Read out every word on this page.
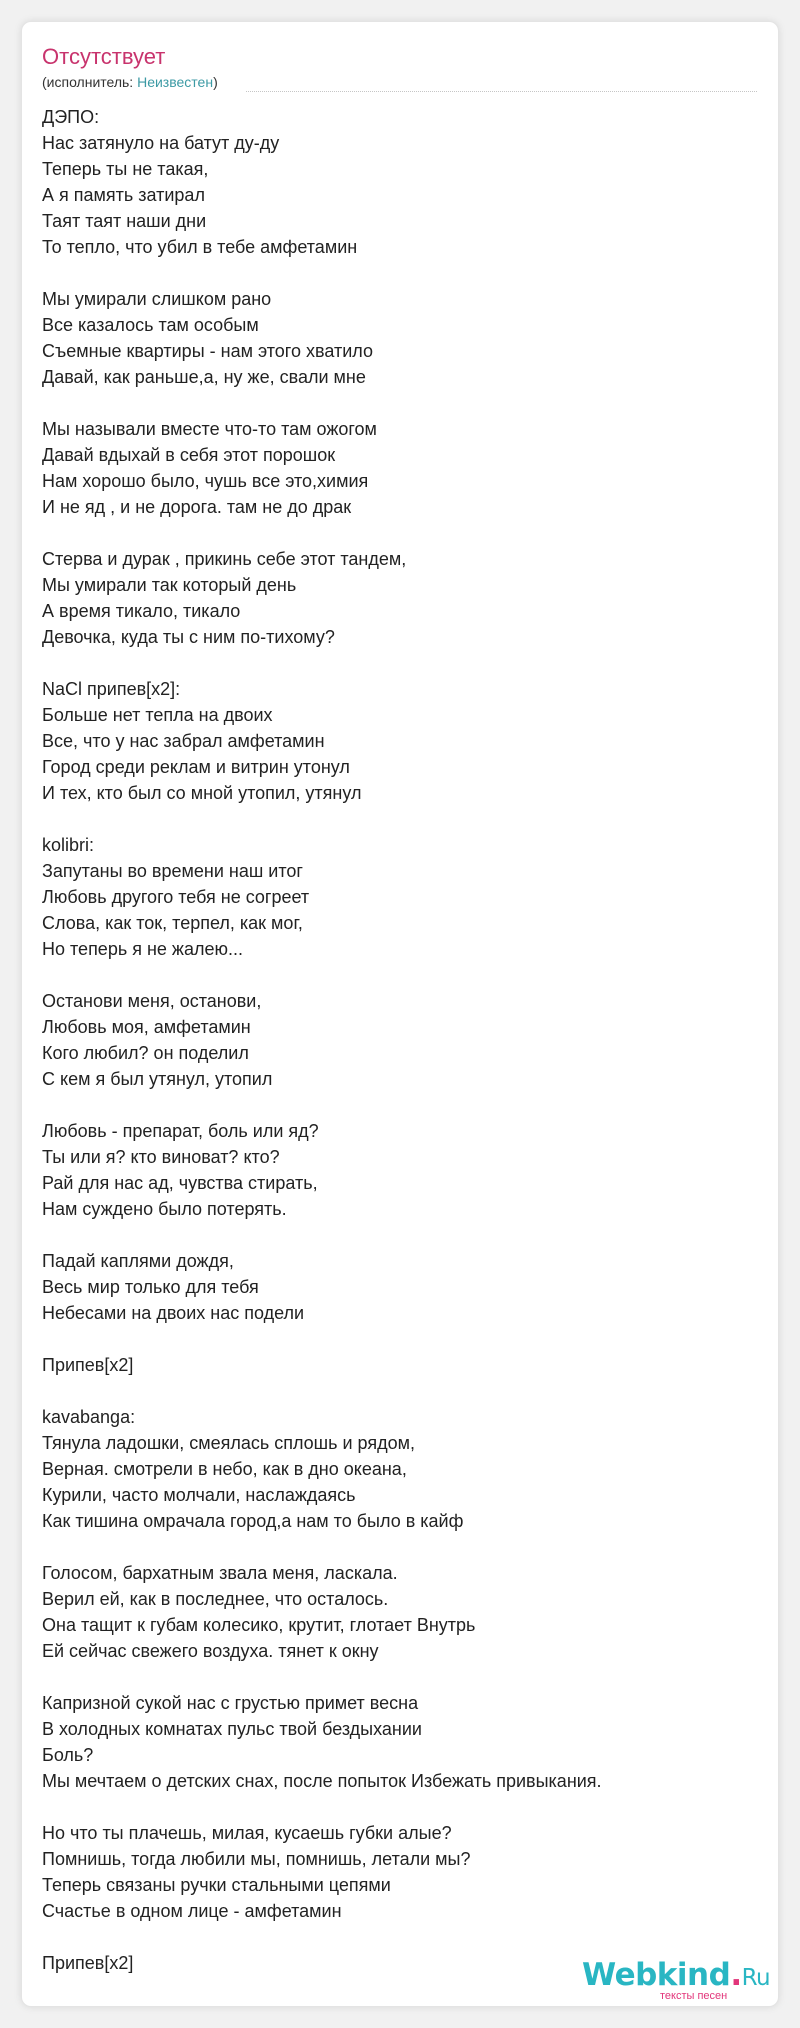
Отсутствует
(исполнитель: Неизвестен)
ДЭПО:
Нас затянуло на батут ду-ду
Теперь ты не такая,
А я память затирал
Таят таят наши дни
То тепло, что убил в тебе амфетамин
Мы умирали слишком рано
Все казалось там особым
Съемные квартиры - нам этого хватило
Давай, как раньше,а, ну же, свали мне
Мы называли вместе что-то там ожогом
Давай вдыхай в себя этот порошок
Нам хорошо было, чушь все это,химия
И не яд , и не дорога. там не до драк
Стерва и дурак , прикинь себе этот тандем,
Мы умирали так который день
А время тикало, тикало
Девочка, куда ты с ним по-тихому?
NaCl припев[x2]:
Больше нет тепла на двоих
Все, что у нас забрал амфетамин
Город среди реклам и витрин утонул
И тех, кто был со мной утопил, утянул
kolibri:
Запутаны во времени наш итог
Любовь другого тебя не согреет
Слова, как ток, терпел, как мог,
Но теперь я не жалею...
Останови меня, останови,
Любовь моя, амфетамин
Кого любил? он поделил
С кем я был утянул, утопил
Любовь - препарат, боль или яд?
Ты или я? кто виноват? кто?
Рай для нас ад, чувства стирать,
Нам суждено было потерять.
Падай каплями дождя,
Весь мир только для тебя
Небесами на двоих нас подели
Припев[x2]
kavabanga:
Тянула ладошки, смеялась сплошь и рядом,
Верная. смотрели в небо, как в дно океана,
Курили, часто молчали, наслаждаясь
Как тишина омрачала город,а нам то было в кайф
Голосом, бархатным звала меня, ласкала.
Верил ей, как в последнее, что осталось.
Она тащит к губам колесико, крутит, глотает Внутрь
Ей сейчас свежего воздуха. тянет к окну
Капризной сукой нас с грустью примет весна
В холодных комнатах пульс твой бездыхании
Боль?
Мы мечтаем о детских снах, после попыток Избежать привыкания.
Но что ты плачешь, милая, кусаешь губки алые?
Помнишь, тогда любили мы, помнишь, летали мы?
Теперь связаны ручки стальными цепями
Счастье в одном лице - амфетамин
Припев[x2]	Webkind.Ru
тексты песен
